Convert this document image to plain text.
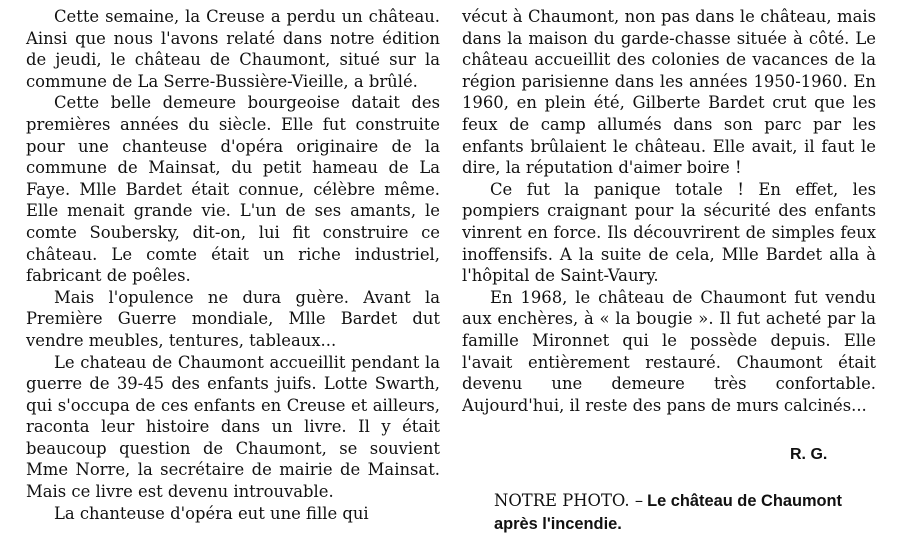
Cette semaine, la Creuse a perdu un château. Ainsi que nous l'avons relaté dans notre édition de jeudi, le château de Chaumont, situé sur la commune de La Serre-Bussière-Vieille, a brûlé.

Cette belle demeure bourgeoise datait des premières années du siècle. Elle fut construite pour une chanteuse d'opéra originaire de la commune de Mainsat, du petit hameau de La Faye. Mlle Bardet était connue, célèbre même. Elle menait grande vie. L'un de ses amants, le comte Soubersky, dit-on, lui fit construire ce château. Le comte était un riche industriel, fabricant de poêles.

Mais l'opulence ne dura guère. Avant la Première Guerre mondiale, Mlle Bardet dut vendre meubles, tentures, tableaux...

Le chateau de Chaumont accueillit pendant la guerre de 39-45 des enfants juifs. Lotte Swarth, qui s'occupa de ces enfants en Creuse et ailleurs, raconta leur histoire dans un livre. Il y était beaucoup question de Chaumont, se souvient Mme Norre, la secrétaire de mairie de Mainsat. Mais ce livre est devenu introuvable.

La chanteuse d'opéra eut une fille qui

vécut à Chaumont, non pas dans le château, mais dans la maison du garde-chasse située à côté. Le château accueillit des colonies de vacances de la région parisienne dans les années 1950-1960. En 1960, en plein été, Gilberte Bardet crut que les feux de camp allumés dans son parc par les enfants brûlaient le château. Elle avait, il faut le dire, la réputation d'aimer boire !

Ce fut la panique totale ! En effet, les pompiers craignant pour la sécurité des enfants vinrent en force. Ils découvrirent de simples feux inoffensifs. A la suite de cela, Mlle Bardet alla à l'hôpital de Saint-Vaury.

En 1968, le château de Chaumont fut vendu aux enchères, à « la bougie ». Il fut acheté par la famille Mironnet qui le possède depuis. Elle l'avait entièrement restauré. Chaumont était devenu une demeure très confortable. Aujourd'hui, il reste des pans de murs calcinés...

R. G.
NOTRE PHOTO. – Le château de Chaumont après l'incendie.
